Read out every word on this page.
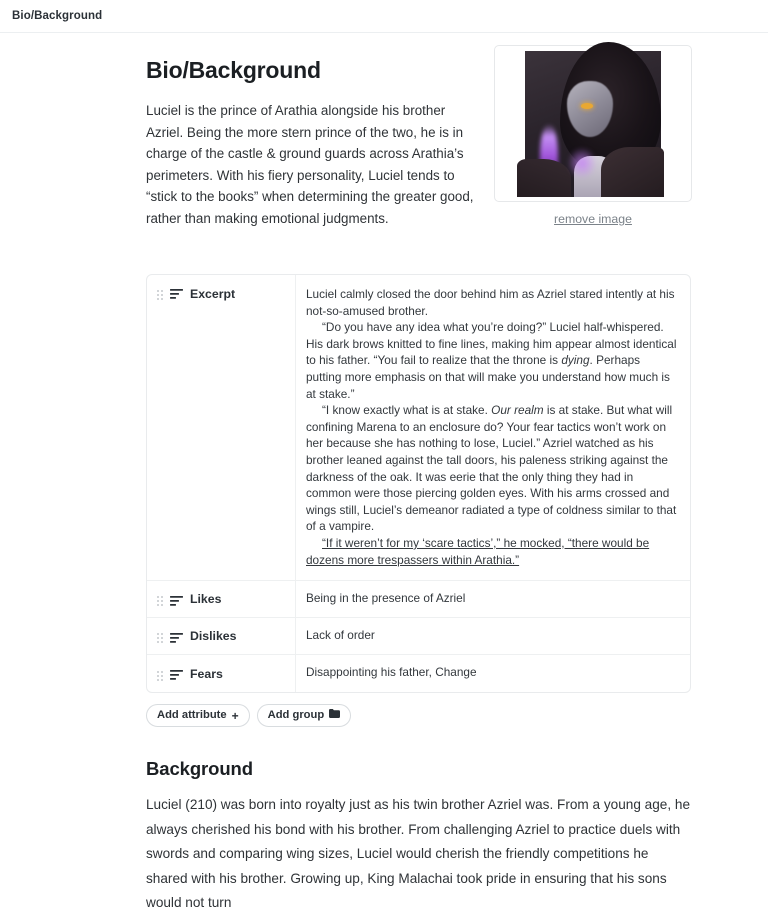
Bio/Background
Bio/Background

Luciel is the prince of Arathia alongside his brother Azriel. Being the more stern prince of the two, he is in charge of the castle & ground guards across Arathia’s perimeters. With his fiery personality, Luciel tends to “stick to the books” when determining the greater good, rather than making emotional judgments.	remove image
Excerpt	Luciel calmly closed the door behind him as Azriel stared intently at his not-so-amused brother.

“Do you have any idea what you’re doing?” Luciel half-whispered. His dark brows knitted to fine lines, making him appear almost identical to his father. “You fail to realize that the throne is dying. Perhaps putting more emphasis on that will make you understand how much is at stake.”

“I know exactly what is at stake. Our realm is at stake. But what will confining Marena to an enclosure do? Your fear tactics won’t work on her because she has nothing to lose, Luciel.” Azriel watched as his brother leaned against the tall doors, his paleness striking against the darkness of the oak. It was eerie that the only thing they had in common were those piercing golden eyes. With his arms crossed and wings still, Luciel’s demeanor radiated a type of coldness similar to that of a vampire.

“If it weren’t for my ‘scare tactics’,” he mocked, “there would be dozens more trespassers within Arathia.”

Likes	Being in the presence of Azriel
Dislikes	Lack of order
Fears	Disappointing his father, Change
Add attribute +	Add group
Background

Luciel (210) was born into royalty just as his twin brother Azriel was. From a young age, he always cherished his bond with his brother. From challenging Azriel to practice duels with swords and comparing wing sizes, Luciel would cherish the friendly competitions he shared with his brother. Growing up, King Malachai took pride in ensuring that his sons would not turn
